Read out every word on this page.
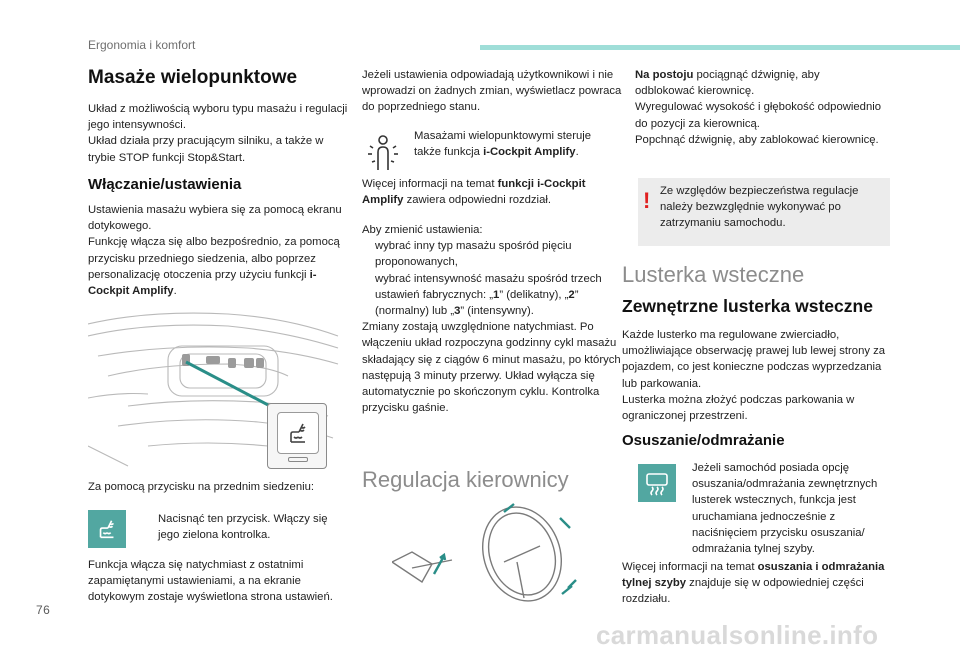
Ergonomia i komfort
Masaże wielopunktowe

Układ z możliwością wyboru typu masażu i regulacji jego intensywności.

Układ działa przy pracującym silniku, a także w trybie STOP funkcji Stop&Start.

Włączanie/ustawienia

Ustawienia masażu wybiera się za pomocą ekranu dotykowego.

Funkcję włącza się albo bezpośrednio, za pomocą przycisku przedniego siedzenia, albo poprzez personalizację otoczenia przy użyciu funkcji i-Cockpit Amplify.

Za pomocą przycisku na przednim siedzeniu:
Nacisnąć ten przycisk. Włączy się jego zielona kontrolka.
Funkcja włącza się natychmiast z ostatnimi zapamiętanymi ustawieniami, a na ekranie dotykowym zostaje wyświetlona strona ustawień.
Jeżeli ustawienia odpowiadają użytkownikowi i nie wprowadzi on żadnych zmian, wyświetlacz powraca do poprzedniego stanu.
Masażami wielopunktowymi steruje także funkcja i-Cockpit Amplify.
Więcej informacji na temat funkcji i-Cockpit Amplify zawiera odpowiedni rozdział.

Aby zmienić ustawienia:

wybrać inny typ masażu spośród pięciu proponowanych,
wybrać intensywność masażu spośród trzech ustawień fabrycznych: „1” (delikatny), „2” (normalny) lub „3” (intensywny).

Zmiany zostają uwzględnione natychmiast. Po włączeniu układ rozpoczyna godzinny cykl masażu składający się z ciągów 6 minut masażu, po których następują 3 minuty przerwy. Układ wyłącza się automatycznie po skończonym cyklu. Kontrolka przycisku gaśnie.

Regulacja kierownicy
Na postoju pociągnąć dźwignię, aby odblokować kierownicę.
Wyregulować wysokość i głębokość odpowiednio do pozycji za kierownicą.
Popchnąć dźwignię, aby zablokować kierownicę.
! Ze względów bezpieczeństwa regulacje należy bezwzględnie wykonywać po zatrzymaniu samochodu.
Lusterka wsteczne
Zewnętrzne lusterka wsteczne

Każde lusterko ma regulowane zwierciadło, umożliwiające obserwację prawej lub lewej strony za pojazdem, co jest konieczne podczas wyprzedzania lub parkowania.

Lusterka można złożyć podczas parkowania w ograniczonej przestrzeni.

Osuszanie/odmrażanie
Jeżeli samochód posiada opcję osuszania/odmrażania zewnętrznych lusterek wstecznych, funkcja jest uruchamiana jednocześnie z naciśnięciem przycisku osuszania/ odmrażania tylnej szyby.
Więcej informacji na temat osuszania i odmrażania tylnej szyby znajduje się w odpowiedniej części rozdziału.
76
carmanualsonline.info
